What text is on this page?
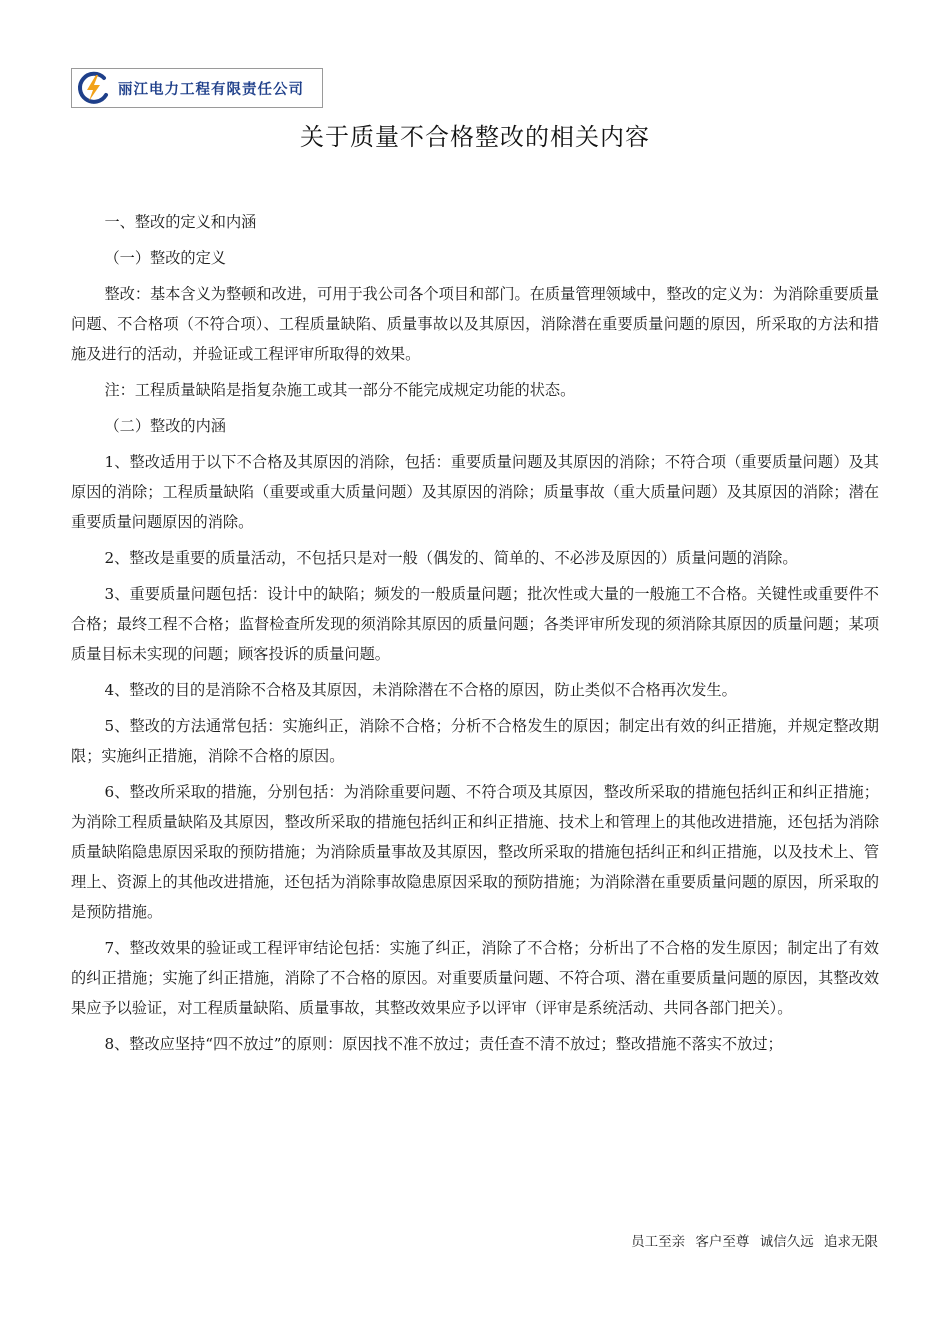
丽江电力工程有限责任公司
关于质量不合格整改的相关内容

一、整改的定义和内涵

（一）整改的定义

整改：基本含义为整顿和改进，可用于我公司各个项目和部门。在质量管理领域中，整改的定义为：为消除重要质量问题、不合格项（不符合项）、工程质量缺陷、质量事故以及其原因，消除潜在重要质量问题的原因，所采取的方法和措施及进行的活动，并验证或工程评审所取得的效果。

注：工程质量缺陷是指复杂施工或其一部分不能完成规定功能的状态。

（二）整改的内涵

1、整改适用于以下不合格及其原因的消除，包括：重要质量问题及其原因的消除；不符合项（重要质量问题）及其原因的消除；工程质量缺陷（重要或重大质量问题）及其原因的消除；质量事故（重大质量问题）及其原因的消除；潜在重要质量问题原因的消除。

2、整改是重要的质量活动，不包括只是对一般（偶发的、简单的、不必涉及原因的）质量问题的消除。

3、重要质量问题包括：设计中的缺陷；频发的一般质量问题；批次性或大量的一般施工不合格。关键性或重要件不合格；最终工程不合格；监督检查所发现的须消除其原因的质量问题；各类评审所发现的须消除其原因的质量问题；某项质量目标未实现的问题；顾客投诉的质量问题。

4、整改的目的是消除不合格及其原因，未消除潜在不合格的原因，防止类似不合格再次发生。

5、整改的方法通常包括：实施纠正，消除不合格；分析不合格发生的原因；制定出有效的纠正措施，并规定整改期限；实施纠正措施，消除不合格的原因。

6、整改所采取的措施，分别包括：为消除重要问题、不符合项及其原因，整改所采取的措施包括纠正和纠正措施；为消除工程质量缺陷及其原因，整改所采取的措施包括纠正和纠正措施、技术上和管理上的其他改进措施，还包括为消除质量缺陷隐患原因采取的预防措施；为消除质量事故及其原因，整改所采取的措施包括纠正和纠正措施，以及技术上、管理上、资源上的其他改进措施，还包括为消除事故隐患原因采取的预防措施；为消除潜在重要质量问题的原因，所采取的是预防措施。

7、整改效果的验证或工程评审结论包括：实施了纠正，消除了不合格；分析出了不合格的发生原因；制定出了有效的纠正措施；实施了纠正措施，消除了不合格的原因。对重要质量问题、不符合项、潜在重要质量问题的原因，其整改效果应予以验证，对工程质量缺陷、质量事故，其整改效果应予以评审（评审是系统活动、共同各部门把关）。

8、整改应坚持“四不放过”的原则：原因找不准不放过；责任查不清不放过；整改措施不落实不放过；

员工至亲 客户至尊 诚信久远 追求无限
